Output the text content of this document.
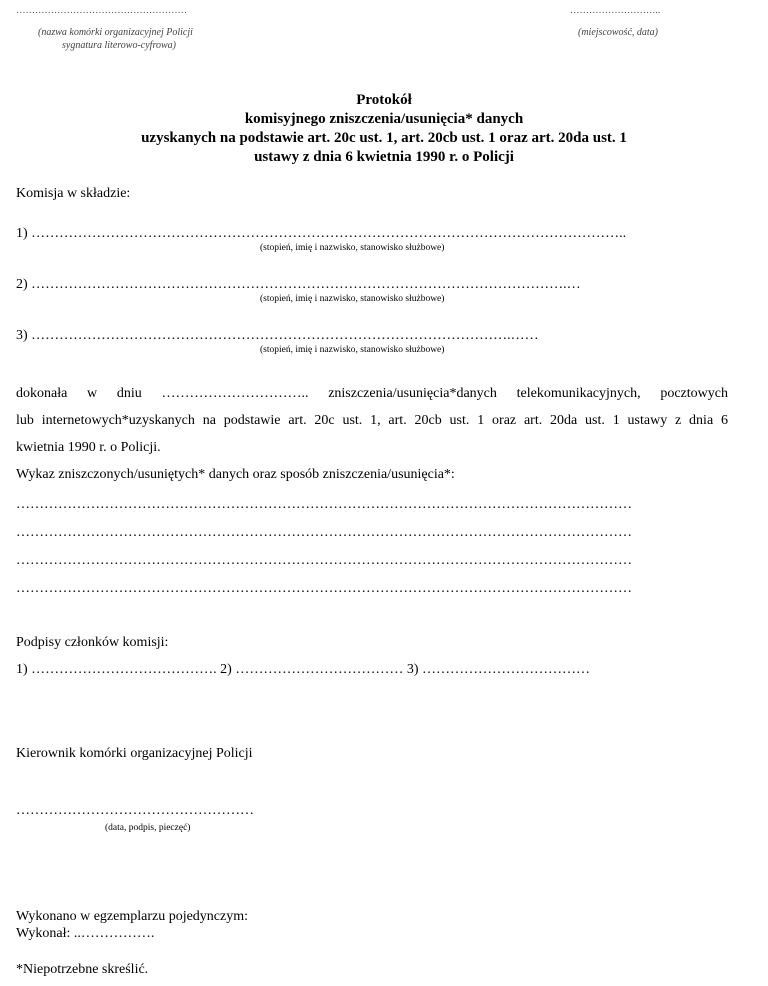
………………………………………………
(nazwa komórki organizacyjnej Policji
sygnatura literowo-cyfrowa)
………………………..
(miejscowość, data)
Protokół
komisyjnego zniszczenia/usunięcia* danych
uzyskanych na podstawie art. 20c ust. 1, art. 20cb ust. 1 oraz art. 20da ust. 1
ustawy z dnia 6 kwietnia 1990 r. o Policji
Komisja w składzie:
1) ………………………………………………………………………………………………………………..
(stopień, imię i nazwisko, stanowisko służbowe)
2) …………………………………………………………………………………………………….…
(stopień, imię i nazwisko, stanowisko służbowe)
3) ………………………………………………………………………………………….……
(stopień, imię i nazwisko, stanowisko służbowe)
dokonała w dniu ………………………….. zniszczenia/usunięcia*danych telekomunikacyjnych, pocztowych
lub internetowych*uzyskanych na podstawie art. 20c ust. 1, art. 20cb ust. 1 oraz art. 20da ust. 1 ustawy z dnia 6
kwietnia 1990 r. o Policji.
Wykaz zniszczonych/usuniętych* danych oraz sposób zniszczenia/usunięcia*:
……………………………………………………………………………………………………………………
……………………………………………………………………………………………………………………
……………………………………………………………………………………………………………………
……………………………………………………………………………………………………………………
Podpisy członków komisji:
1) …………………………………. 2) ……………………………… 3) ………………………………
Kierownik komórki organizacyjnej Policji
……………………………………………
(data, podpis, pieczęć)
Wykonano w egzemplarzu pojedynczym:
Wykonał: ..…………….
*Niepotrzebne skreślić.
